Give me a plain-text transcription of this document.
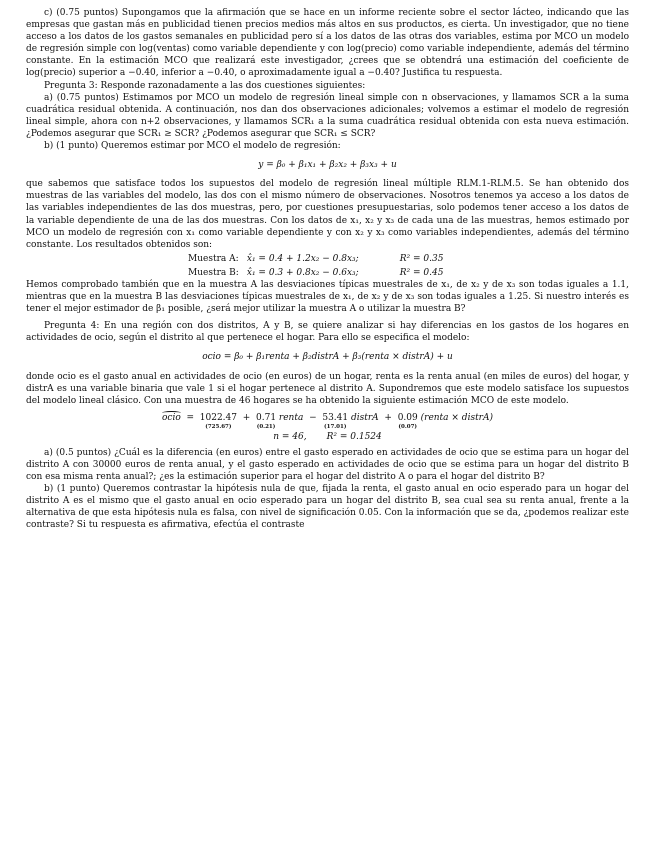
c) (0.75 puntos) Supongamos que la afirmación que se hace en un informe reciente sobre el sector lácteo, indicando que las empresas que gastan más en publicidad tienen precios medios más altos en sus productos, es cierta. Un investigador, que no tiene acceso a los datos de los gastos semanales en publicidad pero sí a los datos de las otras dos variables, estima por MCO un modelo de regresión simple con log(ventas) como variable dependiente y con log(precio) como variable independiente, además del término constante. En la estimación MCO que realizará este investigador, ¿crees que se obtendrá una estimación del coeficiente de log(precio) superior a −0.40, inferior a −0.40, o aproximadamente igual a −0.40? Justifica tu respuesta.

Pregunta 3: Responde razonadamente a las dos cuestiones siguientes:

a) (0.75 puntos) Estimamos por MCO un modelo de regresión lineal simple con n observaciones, y llamamos SCR a la suma cuadrática residual obtenida. A continuación, nos dan dos observaciones adicionales; volvemos a estimar el modelo de regresión lineal simple, ahora con n+2 observaciones, y llamamos SCR₁ a la suma cuadrática residual obtenida con esta nueva estimación. ¿Podemos asegurar que SCR₁ ≥ SCR? ¿Podemos asegurar que SCR₁ ≤ SCR?

b) (1 punto) Queremos estimar por MCO el modelo de regresión:

y = β₀ + β₁x₁ + β₂x₂ + β₃x₃ + u

que sabemos que satisface todos los supuestos del modelo de regresión lineal múltiple RLM.1-RLM.5. Se han obtenido dos muestras de las variables del modelo, las dos con el mismo número de observaciones. Nosotros tenemos ya acceso a los datos de las variables independientes de las dos muestras, pero, por cuestiones presupuestarias, solo podemos tener acceso a los datos de la variable dependiente de una de las dos muestras. Con los datos de x₁, x₂ y x₃ de cada una de las muestras, hemos estimado por MCO un modelo de regresión con x₁ como variable dependiente y con x₂ y x₃ como variables independientes, además del término constante. Los resultados obtenidos son:

Muestra A: x̂₁ = 0.4 + 1.2x₂ − 0.8x₃;	R² = 0.35
Muestra B: x̂₁ = 0.3 + 0.8x₂ − 0.6x₃;	R² = 0.45

Hemos comprobado también que en la muestra A las desviaciones típicas muestrales de x₁, de x₂ y de x₃ son todas iguales a 1.1, mientras que en la muestra B las desviaciones típicas muestrales de x₁, de x₂ y de x₃ son todas iguales a 1.25. Si nuestro interés es tener el mejor estimador de β₁ posible, ¿será mejor utilizar la muestra A o utilizar la muestra B?

Pregunta 4: En una región con dos distritos, A y B, se quiere analizar si hay diferencias en los gastos de los hogares en actividades de ocio, según el distrito al que pertenece el hogar. Para ello se especifica el modelo:

ocio = β₀ + β₁renta + β₂distrA + β₃(renta × distrA) + u

donde ocio es el gasto anual en actividades de ocio (en euros) de un hogar, renta es la renta anual (en miles de euros) del hogar, y distrA es una variable binaria que vale 1 si el hogar pertenece al distrito A. Supondremos que este modelo satisface los supuestos del modelo lineal clásico. Con una muestra de 46 hogares se ha obtenido la siguiente estimación MCO de este modelo.

ocio  =  1022.47
(725.67)
+  0.71
(0.21)
renta  −  53.41
(17.01)
distrA  +  0.09
(0.07)
(renta × distrA)
n = 46, R² = 0.1524

a) (0.5 puntos) ¿Cuál es la diferencia (en euros) entre el gasto esperado en actividades de ocio que se estima para un hogar del distrito A con 30000 euros de renta anual, y el gasto esperado en actividades de ocio que se estima para un hogar del distrito B con esa misma renta anual?; ¿es la estimación superior para el hogar del distrito A o para el hogar del distrito B?

b) (1 punto) Queremos contrastar la hipótesis nula de que, fijada la renta, el gasto anual en ocio esperado para un hogar del distrito A es el mismo que el gasto anual en ocio esperado para un hogar del distrito B, sea cual sea su renta anual, frente a la alternativa de que esta hipótesis nula es falsa, con nivel de significación 0.05. Con la información que se da, ¿podemos realizar este contraste? Si tu respuesta es afirmativa, efectúa el contraste
